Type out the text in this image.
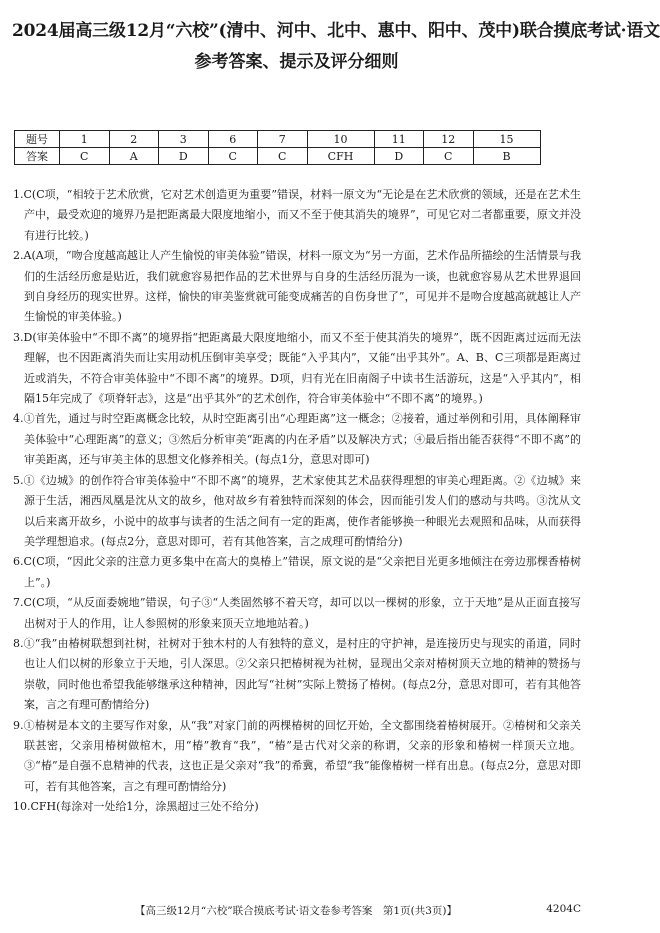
2024届高三级12月“六校”(清中、河中、北中、惠中、阳中、茂中)联合摸底考试·语文
参考答案、提示及评分细则
题号	1	2	3	6	7	10	11	12	15
答案	C	A	D	C	C	CFH	D	C	B

1.C(C项，“相较于艺术欣赏，它对艺术创造更为重要”错误，材料一原文为“无论是在艺术欣赏的领域，还是在艺术生产中，最受欢迎的境界乃是把距离最大限度地缩小，而又不至于使其消失的境界”，可见它对二者都重要，原文并没有进行比较。)

2.A(A项，“吻合度越高越让人产生愉悦的审美体验”错误，材料一原文为“另一方面，艺术作品所描绘的生活情景与我们的生活经历愈是贴近，我们就愈容易把作品的艺术世界与自身的生活经历混为一谈，也就愈容易从艺术世界退回到自身经历的现实世界。这样，愉快的审美鉴赏就可能变成痛苦的自伤身世了”，可见并不是吻合度越高就越让人产生愉悦的审美体验。)

3.D(审美体验中“不即不离”的境界指“把距离最大限度地缩小，而又不至于使其消失的境界”，既不因距离过远而无法理解，也不因距离消失而让实用动机压倒审美享受；既能“入乎其内”，又能“出乎其外”。A、B、C三项都是距离过近或消失，不符合审美体验中“不即不离”的境界。D项，归有光在旧南阁子中读书生活游玩，这是“入乎其内”，相隔15年完成了《项脊轩志》，这是“出乎其外”的艺术创作，符合审美体验中“不即不离”的境界。)

4.①首先，通过与时空距离概念比较，从时空距离引出“心理距离”这一概念；②接着，通过举例和引用，具体阐释审美体验中“心理距离”的意义；③然后分析审美“距离的内在矛盾”以及解决方式；④最后指出能否获得“不即不离”的审美距离，还与审美主体的思想文化修养相关。(每点1分，意思对即可)

5.①《边城》的创作符合审美体验中“不即不离”的境界，艺术家使其艺术品获得理想的审美心理距离。②《边城》来源于生活，湘西凤凰是沈从文的故乡，他对故乡有着独特而深刻的体会，因而能引发人们的感动与共鸣。③沈从文以后来离开故乡，小说中的故事与读者的生活之间有一定的距离，使作者能够换一种眼光去观照和品味，从而获得美学理想追求。(每点2分，意思对即可，若有其他答案，言之成理可酌情给分)

6.C(C项，“因此父亲的注意力更多集中在高大的臭椿上”错误，原文说的是“父亲把目光更多地倾注在旁边那棵香椿树上”。)

7.C(C项，“从反面委婉地”错误，句子③“人类固然够不着天穹，却可以以一棵树的形象，立于天地”是从正面直接写出树对于人的作用，让人参照树的形象来顶天立地地站着。)

8.①“我”由椿树联想到社树，社树对于独木村的人有独特的意义，是村庄的守护神，是连接历史与现实的甬道，同时也让人们以树的形象立于天地，引人深思。②父亲只把椿树视为社树，显现出父亲对椿树顶天立地的精神的赞扬与崇敬，同时他也希望我能够继承这种精神，因此写“社树”实际上赞扬了椿树。(每点2分，意思对即可，若有其他答案，言之有理可酌情给分)

9.①椿树是本文的主要写作对象，从“我”对家门前的两棵椿树的回忆开始，全文都围绕着椿树展开。②椿树和父亲关联甚密，父亲用椿树做棺木，用“椿”教育“我”，“椿”是古代对父亲的称谓，父亲的形象和椿树一样顶天立地。③“椿”是自强不息精神的代表，这也正是父亲对“我”的希冀，希望“我”能像椿树一样有出息。(每点2分，意思对即可，若有其他答案，言之有理可酌情给分)

10.CFH(每涂对一处给1分，涂黑超过三处不给分)

【高三级12月“六校”联合摸底考试·语文卷参考答案　第1页(共3页)】	4204C
